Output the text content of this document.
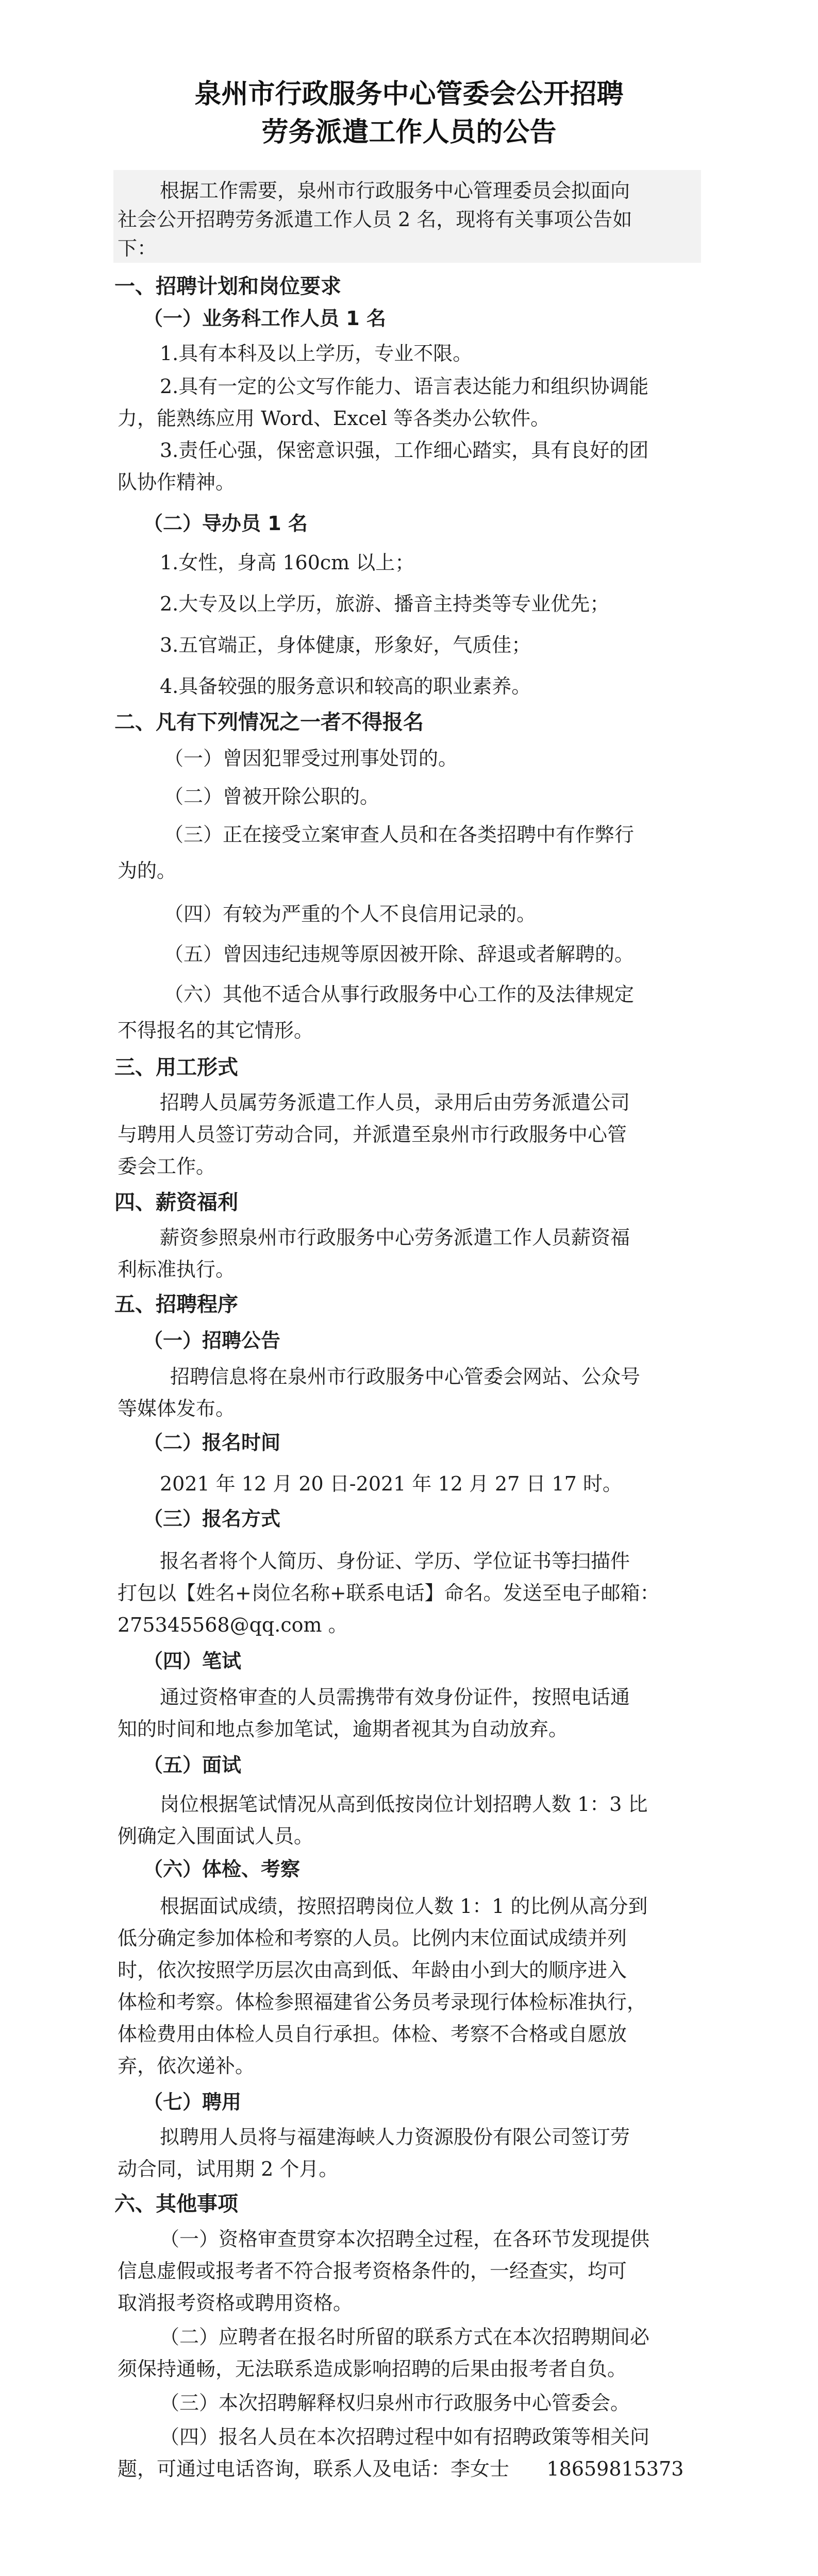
泉州市行政服务中心管委会公开招聘
劳务派遣工作人员的公告
根据工作需要，泉州市行政服务中心管理委员会拟面向
社会公开招聘劳务派遣工作人员 2 名，现将有关事项公告如
下：
一、招聘计划和岗位要求
（一）业务科工作人员 1 名
1.具有本科及以上学历，专业不限。
2.具有一定的公文写作能力、语言表达能力和组织协调能
力，能熟练应用 Word、Excel 等各类办公软件。
3.责任心强，保密意识强，工作细心踏实，具有良好的团
队协作精神。
（二）导办员 1 名
1.女性，身高 160cm 以上；
2.大专及以上学历，旅游、播音主持类等专业优先；
3.五官端正，身体健康，形象好，气质佳；
4.具备较强的服务意识和较高的职业素养。
二、凡有下列情况之一者不得报名
（一）曾因犯罪受过刑事处罚的。
（二）曾被开除公职的。
（三）正在接受立案审查人员和在各类招聘中有作弊行
为的。
（四）有较为严重的个人不良信用记录的。
（五）曾因违纪违规等原因被开除、辞退或者解聘的。
（六）其他不适合从事行政服务中心工作的及法律规定
不得报名的其它情形。
三、用工形式
招聘人员属劳务派遣工作人员，录用后由劳务派遣公司
与聘用人员签订劳动合同，并派遣至泉州市行政服务中心管
委会工作。
四、薪资福利
薪资参照泉州市行政服务中心劳务派遣工作人员薪资福
利标准执行。
五、招聘程序
（一）招聘公告
招聘信息将在泉州市行政服务中心管委会网站、公众号
等媒体发布。
（二）报名时间
2021 年 12 月 20 日-2021 年 12 月 27 日 17 时。
（三）报名方式
报名者将个人简历、身份证、学历、学位证书等扫描件
打包以【姓名+岗位名称+联系电话】命名。发送至电子邮箱：
275345568@qq.com 。
（四）笔试
通过资格审查的人员需携带有效身份证件，按照电话通
知的时间和地点参加笔试，逾期者视其为自动放弃。
（五）面试
岗位根据笔试情况从高到低按岗位计划招聘人数 1：3 比
例确定入围面试人员。
（六）体检、考察
根据面试成绩，按照招聘岗位人数 1：1 的比例从高分到
低分确定参加体检和考察的人员。比例内末位面试成绩并列
时，依次按照学历层次由高到低、年龄由小到大的顺序进入
体检和考察。体检参照福建省公务员考录现行体检标准执行，
体检费用由体检人员自行承担。体检、考察不合格或自愿放
弃，依次递补。
（七）聘用
拟聘用人员将与福建海峡人力资源股份有限公司签订劳
动合同，试用期 2 个月。
六、其他事项
（一）资格审查贯穿本次招聘全过程，在各环节发现提供
信息虚假或报考者不符合报考资格条件的，一经查实，均可
取消报考资格或聘用资格。
（二）应聘者在报名时所留的联系方式在本次招聘期间必
须保持通畅，无法联系造成影响招聘的后果由报考者自负。
（三）本次招聘解释权归泉州市行政服务中心管委会。
（四）报名人员在本次招聘过程中如有招聘政策等相关问
题，可通过电话咨询，联系人及电话：李女士      18659815373
